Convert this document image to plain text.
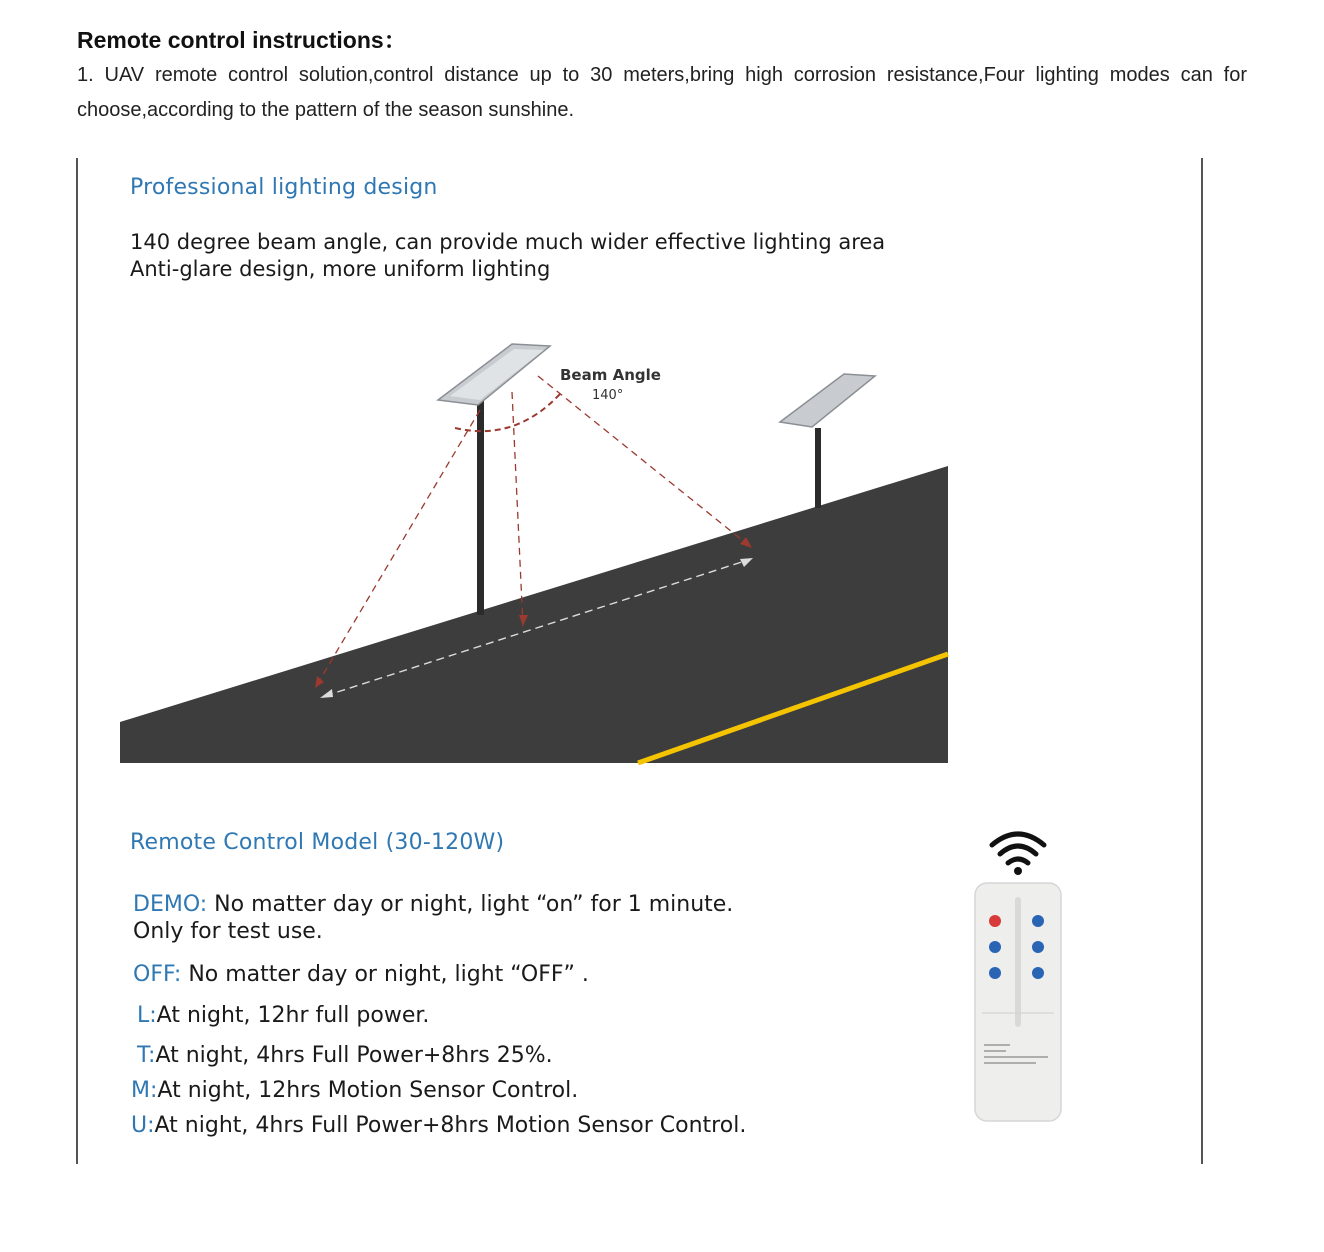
Remote control instructions：
1. UAV remote control solution,control distance up to 30 meters,bring high corrosion resistance,Four lighting modes can for choose,according to the pattern of the season sunshine.
Professional lighting design
140 degree beam angle, can provide much wider effective lighting area
Anti-glare design, more uniform lighting
Beam Angle
140°
Remote Control Model (30-120W)
DEMO: No matter day or night, light “on” for 1 minute.
Only for test use.
OFF: No matter day or night, light “OFF” .
L:At night, 12hr full power.
T:At night, 4hrs Full Power+8hrs 25%.
M:At night, 12hrs Motion Sensor Control.
U:At night, 4hrs Full Power+8hrs Motion Sensor Control.
